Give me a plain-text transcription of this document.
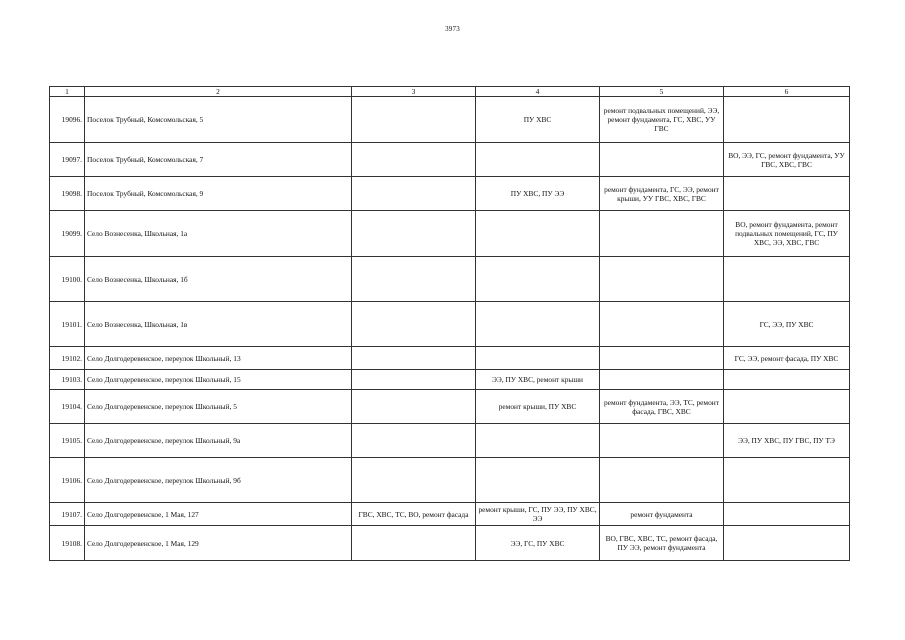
3973
1	2	3	4	5	6
19096.	Поселок Трубный, Комсомольская, 5		ПУ ХВС	ремонт подвальных помещений, ЭЭ, ремонт фундамента, ГС, ХВС, УУ ГВС	
19097.	Поселок Трубный, Комсомольская, 7				ВО, ЭЭ, ГС, ремонт фундамента, УУ ГВС, ХВС, ГВС
19098.	Поселок Трубный, Комсомольская, 9		ПУ ХВС, ПУ ЭЭ	ремонт фундамента, ГС, ЭЭ, ремонт крыши, УУ ГВС, ХВС, ГВС	
19099.	Село Вознесенка, Школьная, 1а				ВО, ремонт фундамента, ремонт подвальных помещений, ГС, ПУ ХВС, ЭЭ, ХВС, ГВС
19100.	Село Вознесенка, Школьная, 1б				
19101.	Село Вознесенка, Школьная, 1в				ГС, ЭЭ, ПУ ХВС
19102.	Село Долгодеревенское, переулок Школьный, 13				ГС, ЭЭ, ремонт фасада, ПУ ХВС
19103.	Село Долгодеревенское, переулок Школьный, 15		ЭЭ, ПУ ХВС, ремонт крыши		
19104.	Село Долгодеревенское, переулок Школьный, 5		ремонт крыши, ПУ ХВС	ремонт фундамента, ЭЭ, ТС, ремонт фасада, ГВС, ХВС	
19105.	Село Долгодеревенское, переулок Школьный, 9а				ЭЭ, ПУ ХВС, ПУ ГВС, ПУ ТЭ
19106.	Село Долгодеревенское, переулок Школьный, 9б				
19107.	Село Долгодеревенское, 1 Мая, 127	ГВС, ХВС, ТС, ВО, ремонт фасада	ремонт крыши, ГС, ПУ ЭЭ, ПУ ХВС, ЭЭ	ремонт фундамента	
19108.	Село Долгодеревенское, 1 Мая, 129		ЭЭ, ГС, ПУ ХВС	ВО, ГВС, ХВС, ТС, ремонт фасада, ПУ ЭЭ, ремонт фундамента	
